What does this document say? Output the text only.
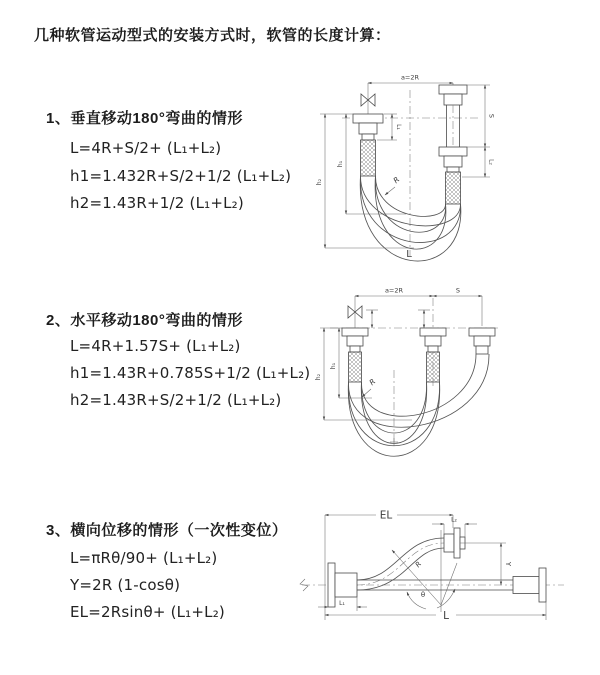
几种软管运动型式的安装方式时，软管的长度计算：
1、垂直移动180°弯曲的情形
L=4R+S/2+ (L₁+L₂)
h1=1.432R+S/2+1/2 (L₁+L₂)
h2=1.43R+1/2 (L₁+L₂)
2、水平移动180°弯曲的情形
L=4R+1.57S+ (L₁+L₂)
h1=1.43R+0.785S+1/2 (L₁+L₂)
h2=1.43R+S/2+1/2 (L₁+L₂)
3、横向位移的情形（一次性变位）
L=πRθ/90+ (L₁+L₂)
Y=2R (1-cosθ)
EL=2Rsinθ+ (L₁+L₂)
a=2R
L₁
S
L₂
h₂
h₁
R
L
a=2R	S
h₂
h₁
R
EL	L₂
Y
R
θ
L
L₁
